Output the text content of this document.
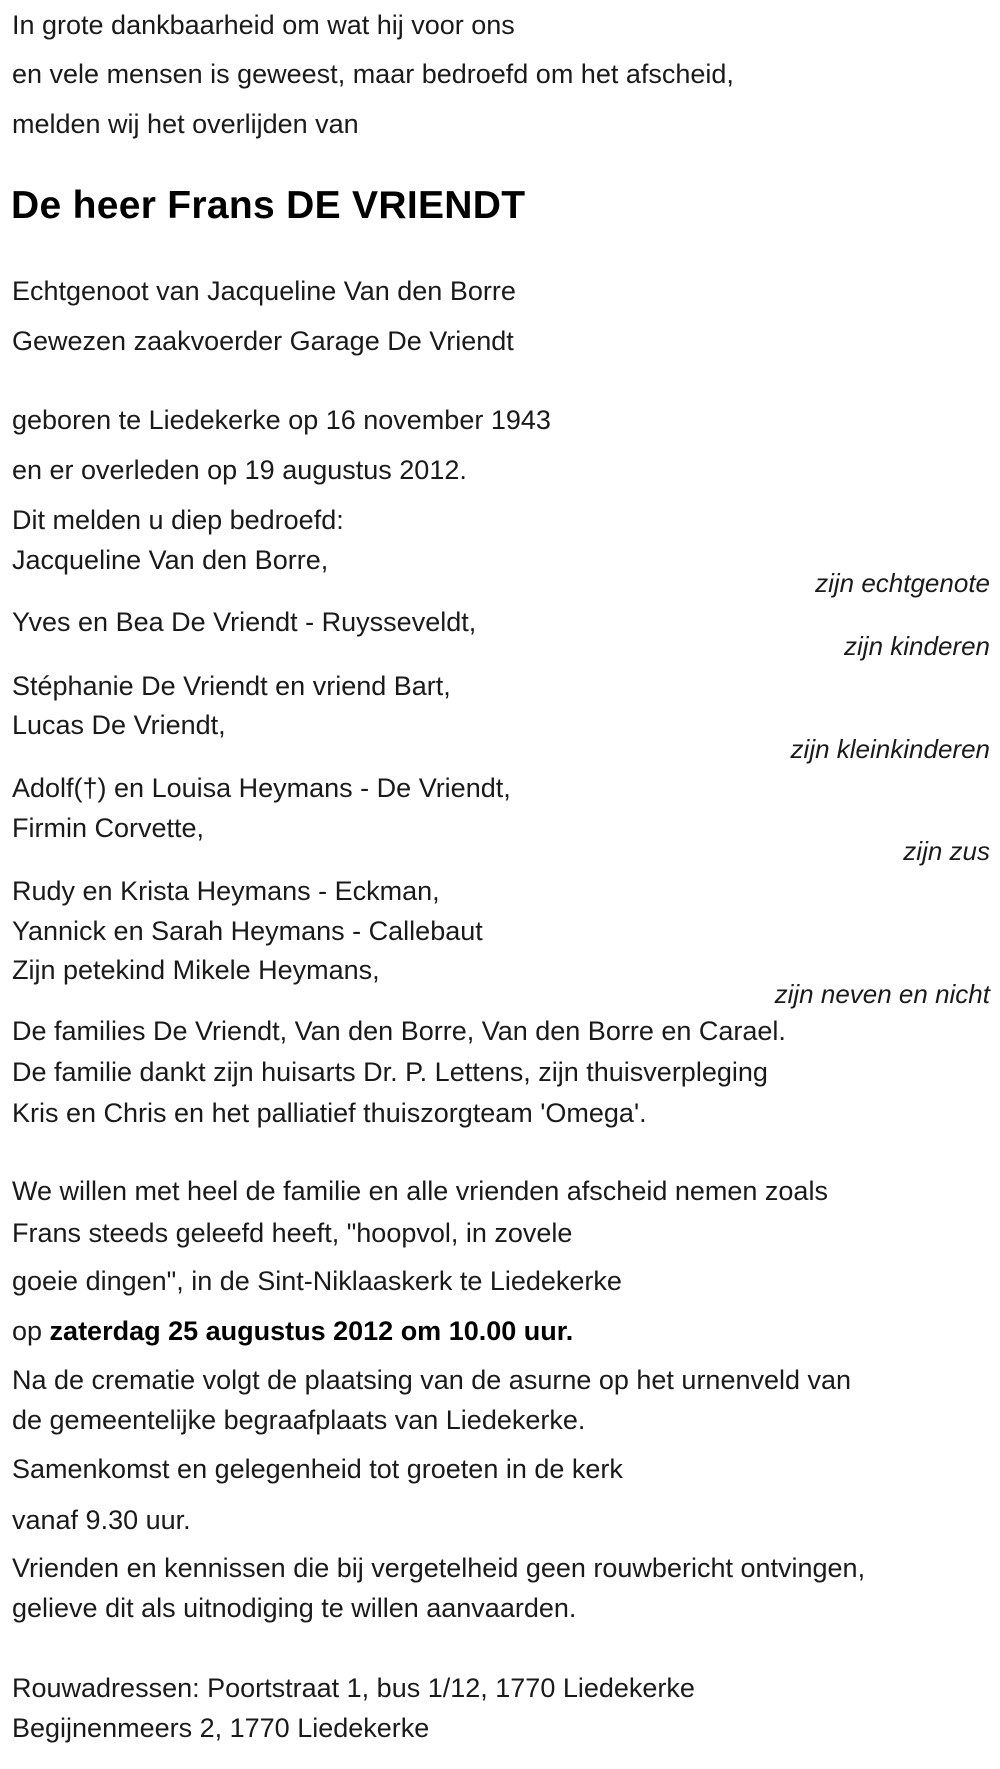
In grote dankbaarheid om wat hij voor ons
en vele mensen is geweest, maar bedroefd om het afscheid,
melden wij het overlijden van
De heer Frans DE VRIENDT
Echtgenoot van Jacqueline Van den Borre
Gewezen zaakvoerder Garage De Vriendt
geboren te Liedekerke op 16 november 1943
en er overleden op 19 augustus 2012.
Dit melden u diep bedroefd:
Jacqueline Van den Borre,
zijn echtgenote
Yves en Bea De Vriendt - Ruysseveldt,
zijn kinderen
Stéphanie De Vriendt en vriend Bart,
Lucas De Vriendt,
zijn kleinkinderen
Adolf(†) en Louisa Heymans - De Vriendt,
Firmin Corvette,
zijn zus
Rudy en Krista Heymans - Eckman,
Yannick en Sarah Heymans - Callebaut
Zijn petekind Mikele Heymans,
zijn neven en nicht
De families De Vriendt, Van den Borre, Van den Borre en Carael.
De familie dankt zijn huisarts Dr. P. Lettens, zijn thuisverpleging
Kris en Chris en het palliatief thuiszorgteam 'Omega'.
We willen met heel de familie en alle vrienden afscheid nemen zoals
Frans steeds geleefd heeft, "hoopvol, in zovele
goeie dingen", in de Sint-Niklaaskerk te Liedekerke
op zaterdag 25 augustus 2012 om 10.00 uur.
Na de crematie volgt de plaatsing van de asurne op het urnenveld van
de gemeentelijke begraafplaats van Liedekerke.
Samenkomst en gelegenheid tot groeten in de kerk
vanaf 9.30 uur.
Vrienden en kennissen die bij vergetelheid geen rouwbericht ontvingen,
gelieve dit als uitnodiging te willen aanvaarden.
Rouwadressen: Poortstraat 1, bus 1/12, 1770 Liedekerke
Begijnenmeers 2, 1770 Liedekerke
